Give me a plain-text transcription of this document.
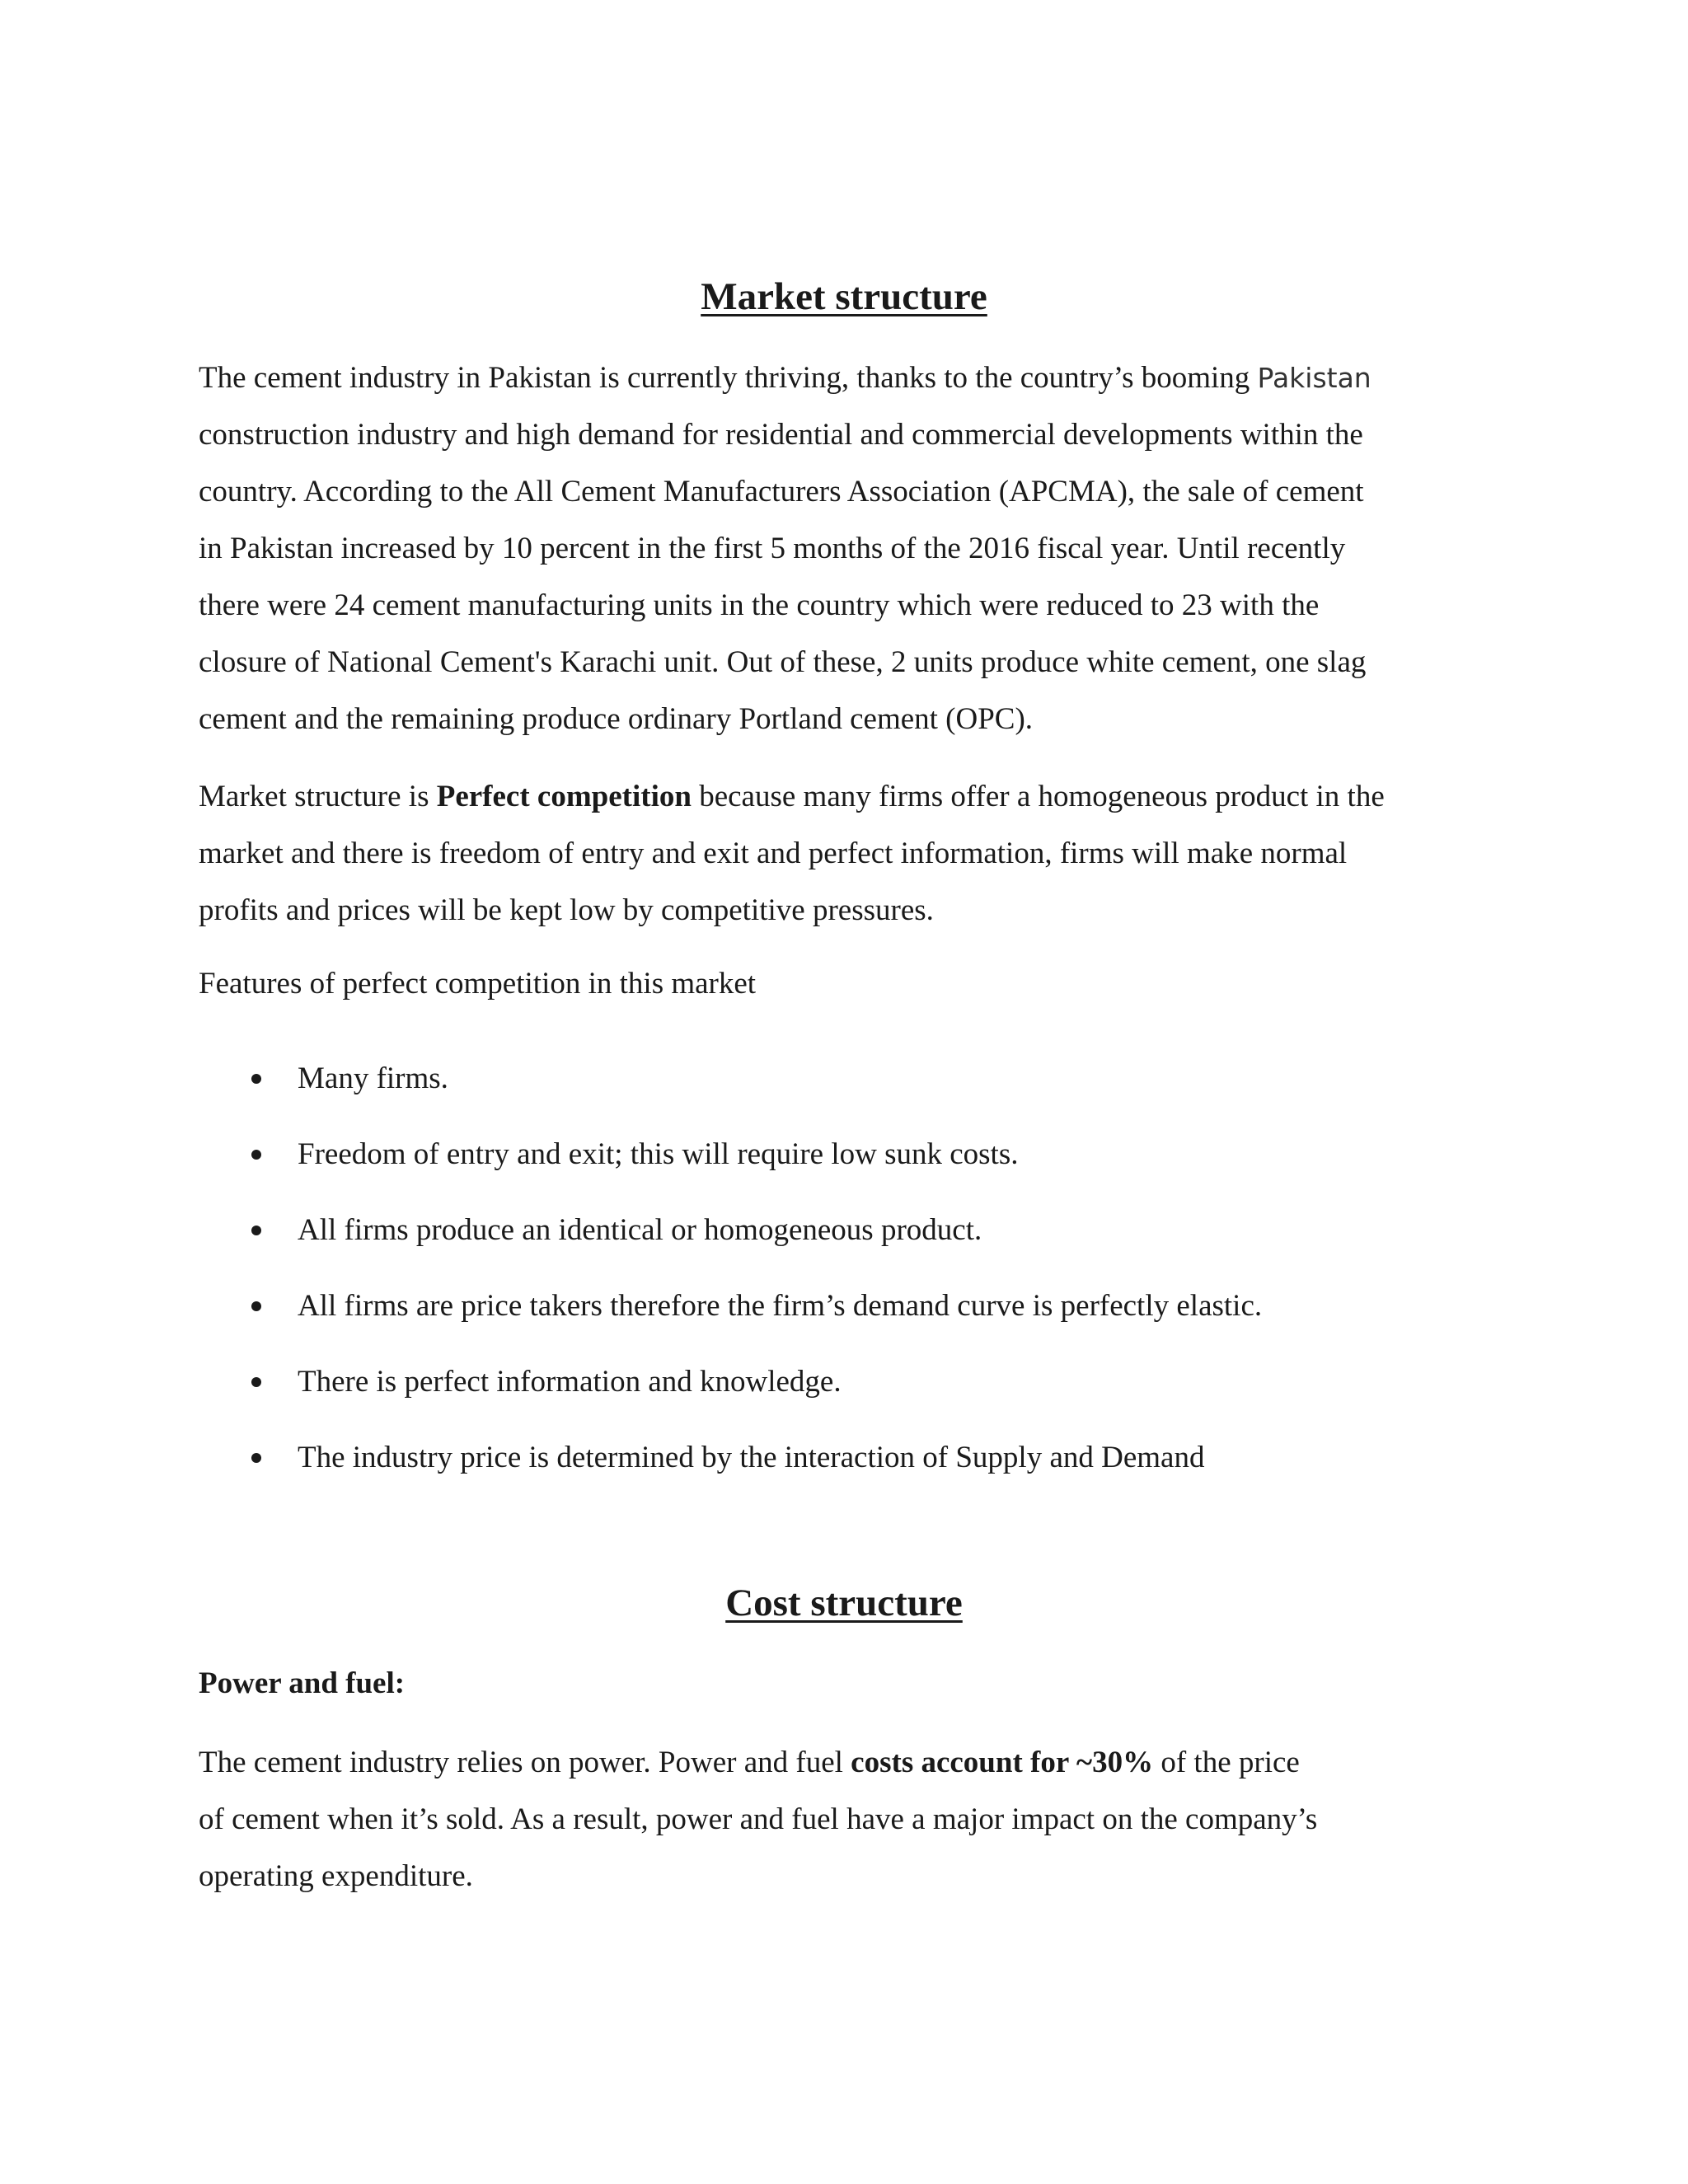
Market structure

The cement industry in Pakistan is currently thriving, thanks to the country’s booming Pakistan
construction industry and high demand for residential and commercial developments within the
country. According to the All Cement Manufacturers Association (APCMA), the sale of cement
in Pakistan increased by 10 percent in the first 5 months of the 2016 fiscal year. Until recently
there were 24 cement manufacturing units in the country which were reduced to 23 with the
closure of National Cement's Karachi unit. Out of these, 2 units produce white cement, one slag
cement and the remaining produce ordinary Portland cement (OPC).

Market structure is Perfect competition because many firms offer a homogeneous product in the
market and there is freedom of entry and exit and perfect information, firms will make normal
profits and prices will be kept low by competitive pressures.

Features of perfect competition in this market

Many firms.
Freedom of entry and exit; this will require low sunk costs.
All firms produce an identical or homogeneous product.
All firms are price takers therefore the firm’s demand curve is perfectly elastic.
There is perfect information and knowledge.
The industry price is determined by the interaction of Supply and Demand
Cost structure

Power and fuel:

The cement industry relies on power. Power and fuel costs account for ~30% of the price
of cement when it’s sold. As a result, power and fuel have a major impact on the company’s
operating expenditure.
